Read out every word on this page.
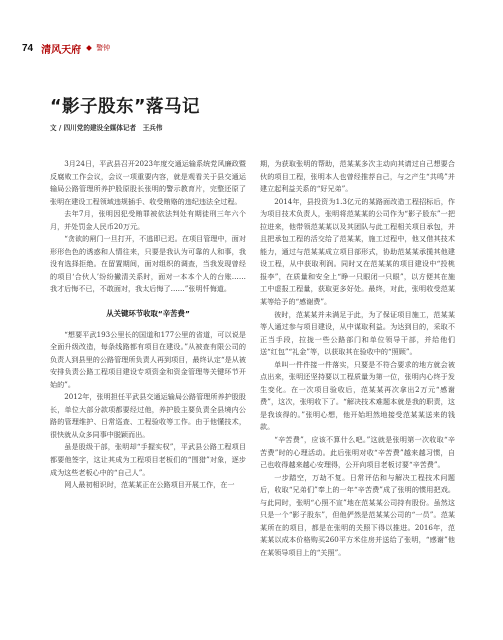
74 清风天府 警钟
“影子股东”落马记
文 / 四川党的建设全媒体记者　王兵伟

3月24日，平武县召开2023年度交通运输系统党风廉政暨反腐败工作会议，会议一项重要内容，就是观看关于县交通运输局公路管理所养护股原股长张明的警示教育片，完整还原了张明在建设工程领域违规插手、收受贿赂的违纪违法全过程。

去年7月，张明因犯受贿罪被依法判处有期徒刑三年六个月，并处罚金人民币20万元。

“贪欲的闸门一旦打开，不逃即已迟。在项目管理中，面对形形色色的诱惑和人情往来，只要是我认为可靠的人和事，我没有选择拒绝。在留置期间，面对组织的调查，当我发现曾经的项目‘合伙人’纷纷撇清关系时，面对一本本个人的台账……我才后悔不已，不敢面对，我太后悔了……”张明忏悔道。

从关键环节收取“辛苦费”

“想要平武193公里长的国道和177公里的省道，可以说是全面升级改造，每条线路都有项目在建设。”从被查有限公司的负责人到县里的公路管理所负责人再到项目，最终认定“是从被安排负责公路工程项目建设专项资金和资金管理等关键环节开始的”。

2012年，张明担任平武县交通运输局公路管理所养护股股长，单位大部分款项都要经过他，养护股主要负责全县境内公路的管理维护、日常巡查、工程验收等工作。由于他懂技术，很快就从众多同事中脱颖而出。

虽是股级干部，张明却“手握实权”，平武县公路工程项目都要他签字，这让其成为工程项目老板们的“围猎”对象，逐步成为这些老板心中的“自己人”。

网人最初相识时，范某某正在公路项目开展工作，在一

期，为获取张明的帮助，范某某多次主动向其请过自己想要合伙的项目工程，张明本人也曾经推荐自己，与之产生“共鸣”并建立起利益关系的“好兄弟”。

2014年，县投资为1.3亿元的某路面改造工程招标后，作为项目技术负责人，张明将范某某的公司作为“影子股东”一把拉进来，他带领范某某以及其团队与此工程相关项目承包，并且把承包工程的活交给了范某某，施工过程中，他又借其技术能力，通过与范某某成立项目部形式，协助范某某承揽其他建设工程，从中获取利润。同时又在范某某的项目建设中“投桃报李”，在质量和安全上“睁一只眼闭一只眼”，以方便其在施工中虚报工程量，获取更多好处。最终，对此，张明收受范某某等给予的“感谢费”。

彼时，范某某并未满足于此，为了保证项目施工，范某某等人通过参与项目建设，从中谋取利益。为达到目的，采取不正当手段，拉拢一些公路部门和单位领导干部，并给他们送“红包”“礼金”等，以获取其在验收中的“照顾”。

单叫一件件接一件落实，只要是不符合要求的地方就会被点出来，张明还坚持要以工程质量为第一位，张明内心终于发生变化。在一次项目验收后，范某某再次拿出2万元“感谢费”，这次，张明收下了。“解决技术难题本就是我的职责，这是我该得的。”张明心想，他开始坦然地接受范某某送来的钱款。

“辛苦费”，应该不算什么吧。”这就是张明第一次收取“辛苦费”时的心理活动。此后张明对收“辛苦费”越来越习惯，自己也收得越来越心安理得，公开向项目老板讨要“辛苦费”。

一步踏空，万劫不复。日常评估和与解决工程技术问题后，收取“兄弟们”奉上的一年“辛苦费”成了张明的惯用把戏。与此同时，张明“心照不宣”地在范某某公司持有股份。虽然这只是一个“影子股东”，但他俨然是范某某公司的“一员”。范某某所在的项目，都是在张明的关照下得以推进。2016年，范某某以成本价格购买260平方米住房并送给了张明，“感谢”他在某领导项目上的“关照”。
